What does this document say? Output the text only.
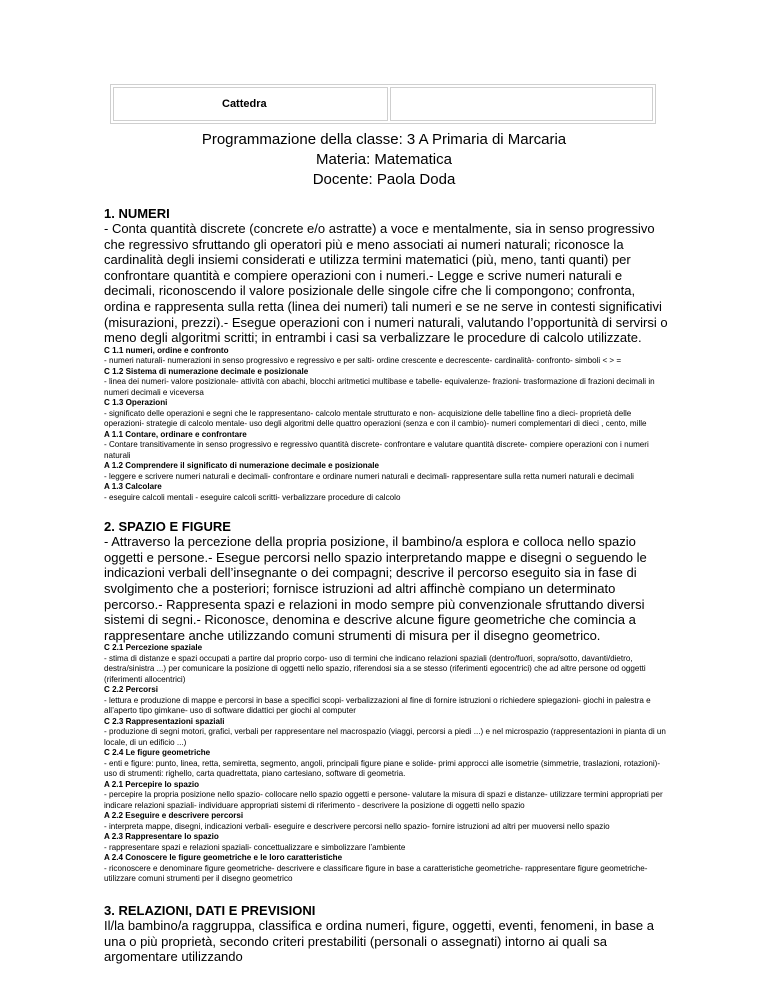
Cattedra
Programmazione della classe: 3 A Primaria di Marcaria
Materia: Matematica
Docente: Paola Doda

1. NUMERI

- Conta quantità discrete (concrete e/o astratte) a voce e mentalmente, sia in senso progressivo che regressivo sfruttando gli operatori più e meno associati ai numeri naturali; riconosce la cardinalità degli insiemi considerati e utilizza termini matematici (più, meno, tanti quanti) per confrontare quantità e compiere operazioni con i numeri.- Legge e scrive numeri naturali e decimali, riconoscendo il valore posizionale delle singole cifre che li compongono; confronta, ordina e rappresenta sulla retta (linea dei numeri) tali numeri e se ne serve in contesti significativi (misurazioni, prezzi).- Esegue operazioni con i numeri naturali, valutando l’opportunità di servirsi o meno degli algoritmi scritti; in entrambi i casi sa verbalizzare le procedure di calcolo utilizzate.

C 1.1 numeri, ordine e confronto
- numeri naturali- numerazioni in senso progressivo e regressivo e per salti- ordine crescente e decrescente- cardinalità- confronto- simboli < > =
C 1.2 Sistema di numerazione decimale e posizionale
- linea dei numeri- valore posizionale- attività con abachi, blocchi aritmetici multibase e tabelle- equivalenze- frazioni- trasformazione di frazioni decimali in numeri decimali e viceversa
C 1.3 Operazioni
- significato delle operazioni e segni che le rappresentano- calcolo mentale strutturato e non- acquisizione delle tabelline fino a dieci- proprietà delle operazioni- strategie di calcolo mentale- uso degli algoritmi delle quattro operazioni (senza e con il cambio)- numeri complementari di dieci , cento, mille
A 1.1 Contare, ordinare e confrontare
- Contare transitivamente in senso progressivo e regressivo quantità discrete- confrontare e valutare quantità discrete- compiere operazioni con i numeri naturali
A 1.2 Comprendere il significato di numerazione decimale e posizionale
- leggere e scrivere numeri naturali e decimali- confrontare e ordinare numeri naturali e decimali- rappresentare sulla retta numeri naturali e decimali
A 1.3 Calcolare
- eseguire calcoli mentali - eseguire calcoli scritti- verbalizzare procedure di calcolo

2. SPAZIO E FIGURE

- Attraverso la percezione della propria posizione, il bambino/a esplora e colloca nello spazio oggetti e persone.- Esegue percorsi nello spazio interpretando mappe e disegni o seguendo le indicazioni verbali dell’insegnante o dei compagni; descrive il percorso eseguito sia in fase di svolgimento che a posteriori; fornisce istruzioni ad altri affinchè compiano un determinato percorso.- Rappresenta spazi e relazioni in modo sempre più convenzionale sfruttando diversi sistemi di segni.- Riconosce, denomina e descrive alcune figure geometriche che comincia a rappresentare anche utilizzando comuni strumenti di misura per il disegno geometrico.

C 2.1 Percezione spaziale
- stima di distanze e spazi occupati a partire dal proprio corpo- uso di termini che indicano relazioni spaziali (dentro/fuori, sopra/sotto, davanti/dietro, destra/sinistra ...) per comunicare la posizione di oggetti nello spazio, riferendosi sia a se stesso (riferimenti egocentrici) che ad altre persone od oggetti (riferimenti allocentrici)
C 2.2 Percorsi
- lettura e produzione di mappe e percorsi in base a specifici scopi- verbalizzazioni al fine di fornire istruzioni o richiedere spiegazioni- giochi in palestra e all’aperto tipo gimkane- uso di software didattici per giochi al computer
C 2.3 Rappresentazioni spaziali
- produzione di segni motori, grafici, verbali per rappresentare nel macrospazio (viaggi, percorsi a piedi ...) e nel microspazio (rappresentazioni in pianta di un locale, di un edificio ...)
C 2.4 Le figure geometriche
- enti e figure: punto, linea, retta, semiretta, segmento, angoli, principali figure piane e solide- primi approcci alle isometrie (simmetrie, traslazioni, rotazioni)- uso di strumenti: righello, carta quadrettata, piano cartesiano, software di geometria.
A 2.1 Percepire lo spazio
- percepire la propria posizione nello spazio- collocare nello spazio oggetti e persone- valutare la misura di spazi e distanze- utilizzare termini appropriati per indicare relazioni spaziali- individuare appropriati sistemi di riferimento - descrivere la posizione di oggetti nello spazio
A 2.2 Eseguire e descrivere percorsi
- interpreta mappe, disegni, indicazioni verbali- eseguire e descrivere percorsi nello spazio- fornire istruzioni ad altri per muoversi nello spazio
A 2.3 Rappresentare lo spazio
- rappresentare spazi e relazioni spaziali- concettualizzare e simbolizzare l’ambiente
A 2.4 Conoscere le figure geometriche e le loro caratteristiche
- riconoscere e denominare figure geometriche- descrivere e classificare figure in base a caratteristiche geometriche- rappresentare figure geometriche- utilizzare comuni strumenti per il disegno geometrico

3. RELAZIONI, DATI E PREVISIONI

Il/la bambino/a raggruppa, classifica e ordina numeri, figure, oggetti, eventi, fenomeni, in base a una o più proprietà, secondo criteri prestabiliti (personali o assegnati) intorno ai quali sa argomentare utilizzando
